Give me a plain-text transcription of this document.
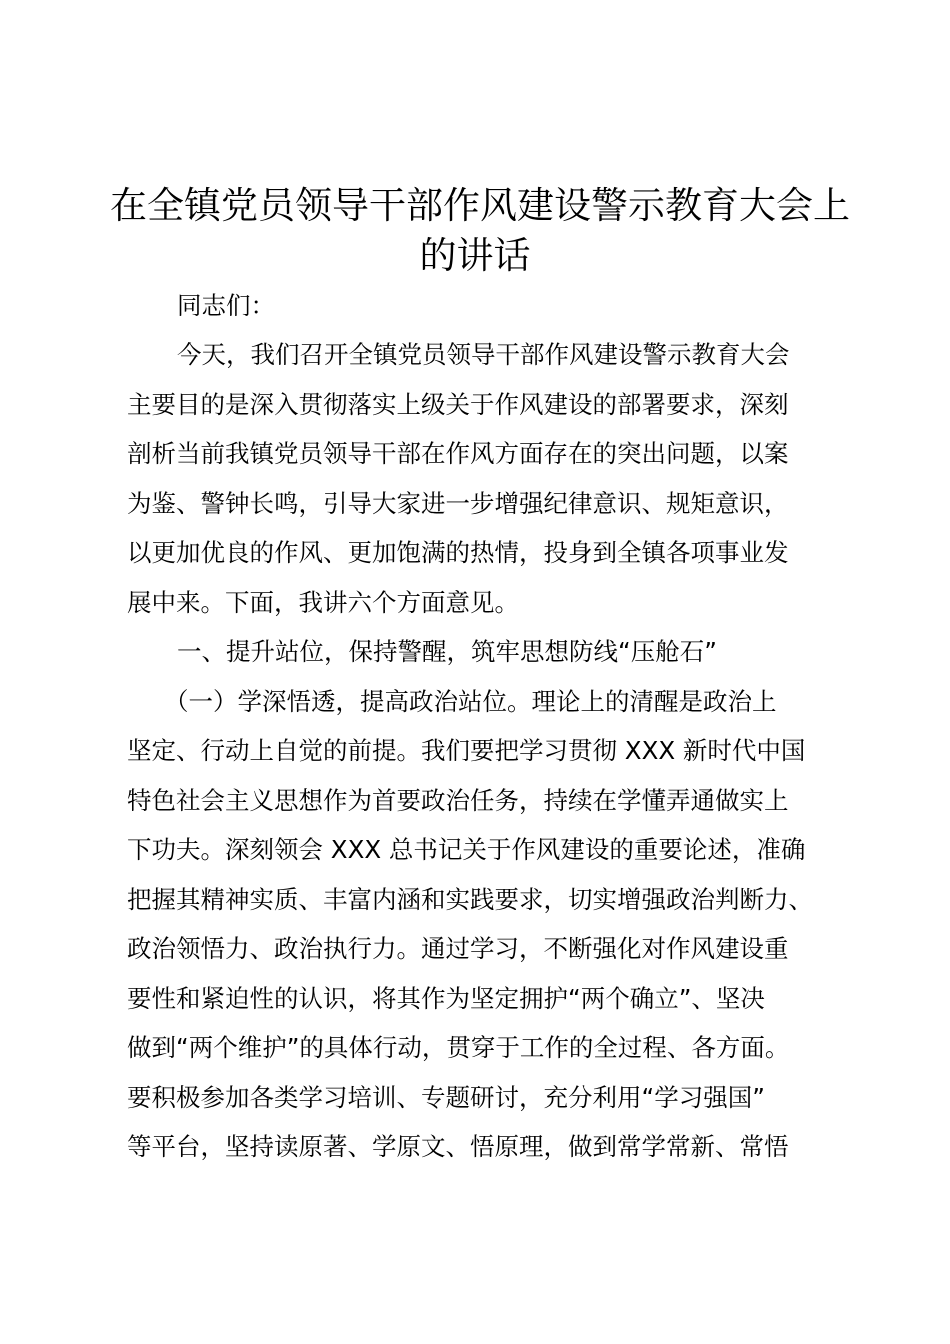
在全镇党员领导干部作风建设警示教育大会上
的讲话
同志们：
今天，我们召开全镇党员领导干部作风建设警示教育大会
主要目的是深入贯彻落实上级关于作风建设的部署要求，深刻
剖析当前我镇党员领导干部在作风方面存在的突出问题，以案
为鉴、警钟长鸣，引导大家进一步增强纪律意识、规矩意识，
以更加优良的作风、更加饱满的热情，投身到全镇各项事业发
展中来。下面，我讲六个方面意见。
一、提升站位，保持警醒，筑牢思想防线“压舱石”
（一）学深悟透，提高政治站位。理论上的清醒是政治上
坚定、行动上自觉的前提。我们要把学习贯彻 XXX 新时代中国
特色社会主义思想作为首要政治任务，持续在学懂弄通做实上
下功夫。深刻领会 XXX 总书记关于作风建设的重要论述，准确
把握其精神实质、丰富内涵和实践要求，切实增强政治判断力、
政治领悟力、政治执行力。通过学习，不断强化对作风建设重
要性和紧迫性的认识，将其作为坚定拥护“两个确立”、坚决
做到“两个维护”的具体行动，贯穿于工作的全过程、各方面。
要积极参加各类学习培训、专题研讨，充分利用“学习强国”
等平台，坚持读原著、学原文、悟原理，做到常学常新、常悟
